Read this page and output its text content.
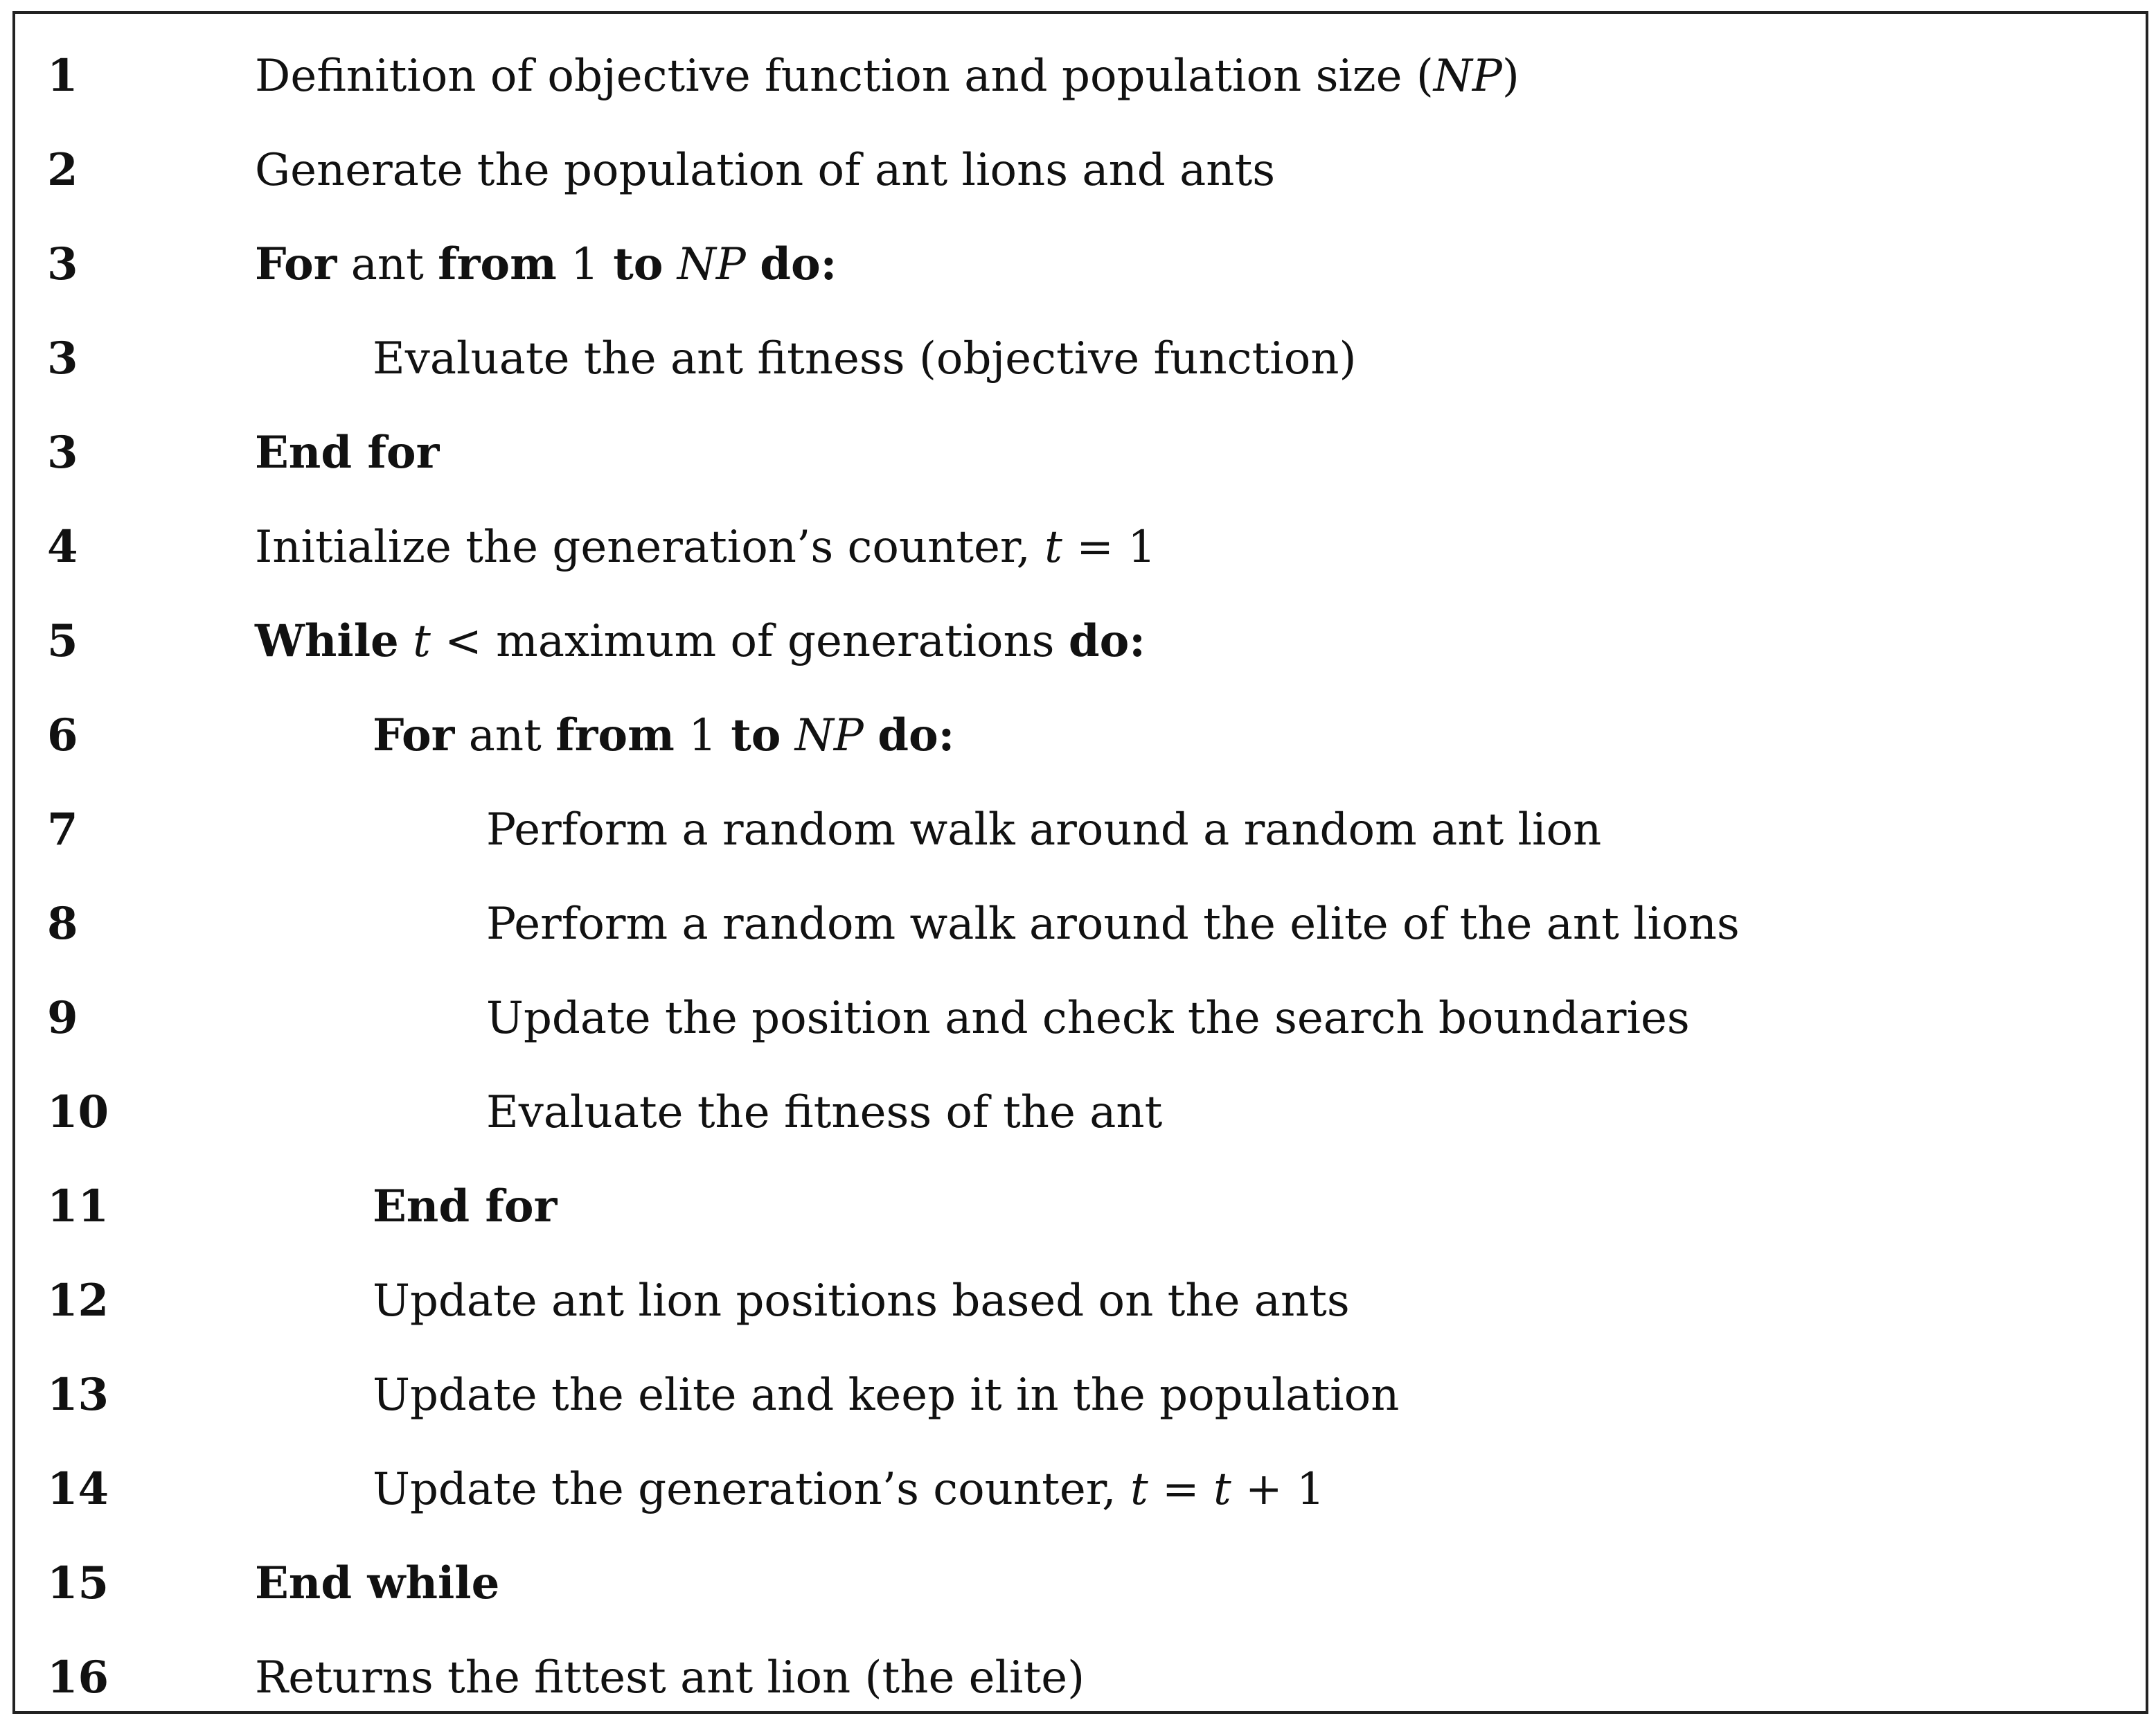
1	Definition of objective function and population size (NP)
2	Generate the population of ant lions and ants
3	For ant from 1 to NP do:
3	Evaluate the ant fitness (objective function)
3	End for
4	Initialize the generation’s counter, t = 1
5	While t < maximum of generations do:
6	For ant from 1 to NP do:
7	Perform a random walk around a random ant lion
8	Perform a random walk around the elite of the ant lions
9	Update the position and check the search boundaries
10	Evaluate the fitness of the ant
11	End for
12	Update ant lion positions based on the ants
13	Update the elite and keep it in the population
14	Update the generation’s counter, t = t + 1
15	End while
16	Returns the fittest ant lion (the elite)
